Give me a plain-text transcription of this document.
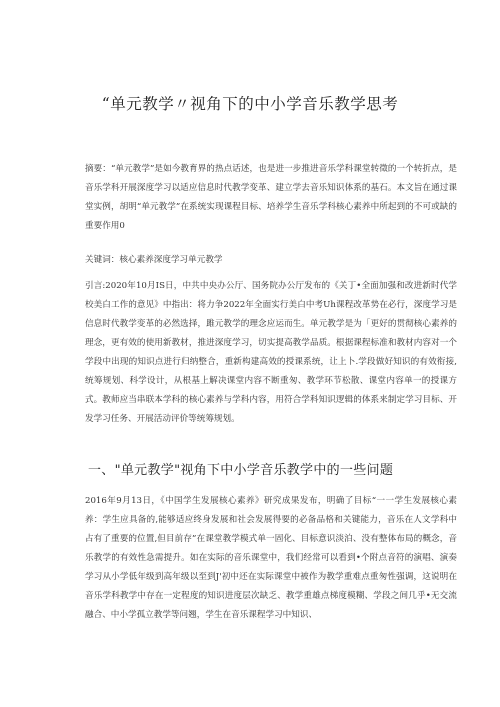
“单元教学〃视角下的中小学音乐教学思考

摘要：“单元教学”是如今教育界的热点话述，也是进一步推进音乐学科课堂转徵的一个转折点，是音乐学科开展深度学习以适应信息时代教学变革、建立学去音乐知识体系的基石。本文旨在通过课堂实例，胡明“单元教学”在系统实现课程目标、培养学生音乐学科核心素养中所起到的不可或缺的重要作用0

关键词：核心素养深度学习单元教学

引言:2020年10月IS日，中共中央办公厅、国务院办公厅发布的《关丁•全面加强和改进新时代学校美白工作的意见》中指出：将力争2022年全面实行美白中考Uh课程改革势在必行，深度学习是信息时代教学变革的必然选择，雎元教学的理念应运而生。单元教学是为「更好的贯彻核心素养的理念，更有效的使用新教材，推进深度学习，切实提高教学品质。根据课程标准和教材内容对一个学段中出现的知识点进行归纳整合，重新构建高效的授课系统，让上卜.学段做好知识的有效衔接,统筹规划、科学设计，从根基上解决课堂内容不断重匆、教学环节松散、课堂内容单一的授课方式。教师应当串联本学科的核心素养与学科内容，用符合学科知识逻辑的体系来制定学习目标、开发学习任务、开展活动评价等统筹规划。

一、"单元教学"视角下中小学音乐教学中的一些问题

2016年9月13日，《中国学生发展核心素养》研究成果发布，明确了目标“一一学生发展核心素养：学生应具备的,能够适应终身发展和社会发展得要的必备品格和关键能力，音乐在人文学科中占有了重要的位置,但目前存”在课堂教学模式单一固化、目标意识淡泊、没有整体布局的概念，音乐教学的有效性急需提升。如在实际的音乐课堂中，我们经常可以看到•个附点音符的演唱、演奏学习从小学低年级到高年级以至到J'初中还在实际课堂中被作为教学重难点重匆性强调，这说明在音乐学科教学中存在一定程度的知识进度层次缺乏、教学重雄点梯度模糊、学段之间几乎•无交流融合、中小学孤立教学等问翘，学生在音乐课程学习中知识、
